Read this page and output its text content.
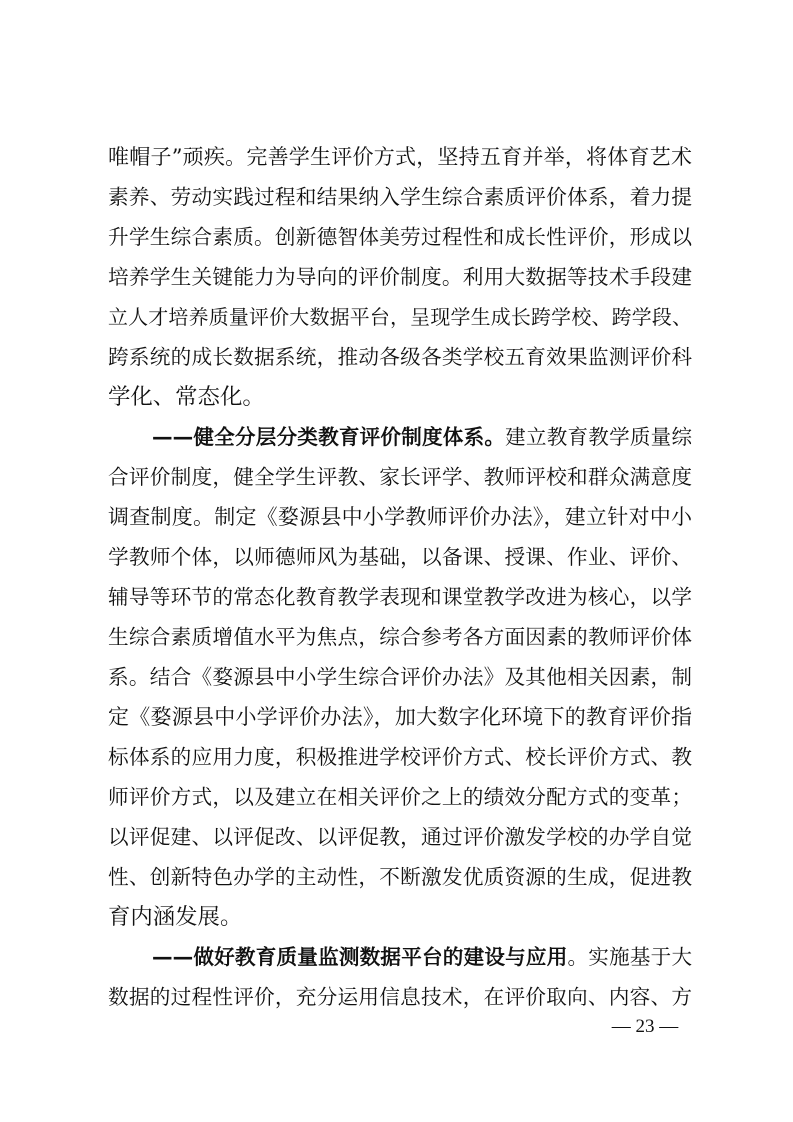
唯帽子”顽疾。完善学生评价方式，坚持五育并举，将体育艺术
素养、劳动实践过程和结果纳入学生综合素质评价体系，着力提
升学生综合素质。创新德智体美劳过程性和成长性评价，形成以
培养学生关键能力为导向的评价制度。利用大数据等技术手段建
立人才培养质量评价大数据平台，呈现学生成长跨学校、跨学段、
跨系统的成长数据系统，推动各级各类学校五育效果监测评价科
学化、常态化。
——健全分层分类教育评价制度体系。建立教育教学质量综
合评价制度，健全学生评教、家长评学、教师评校和群众满意度
调查制度。制定《婺源县中小学教师评价办法》，建立针对中小
学教师个体，以师德师风为基础，以备课、授课、作业、评价、
辅导等环节的常态化教育教学表现和课堂教学改进为核心，以学
生综合素质增值水平为焦点，综合参考各方面因素的教师评价体
系。结合《婺源县中小学生综合评价办法》及其他相关因素，制
定《婺源县中小学评价办法》，加大数字化环境下的教育评价指
标体系的应用力度，积极推进学校评价方式、校长评价方式、教
师评价方式，以及建立在相关评价之上的绩效分配方式的变革；
以评促建、以评促改、以评促教，通过评价激发学校的办学自觉
性、创新特色办学的主动性，不断激发优质资源的生成，促进教
育内涵发展。
——做好教育质量监测数据平台的建设与应用。实施基于大
数据的过程性评价，充分运用信息技术，在评价取向、内容、方
— 23 —
